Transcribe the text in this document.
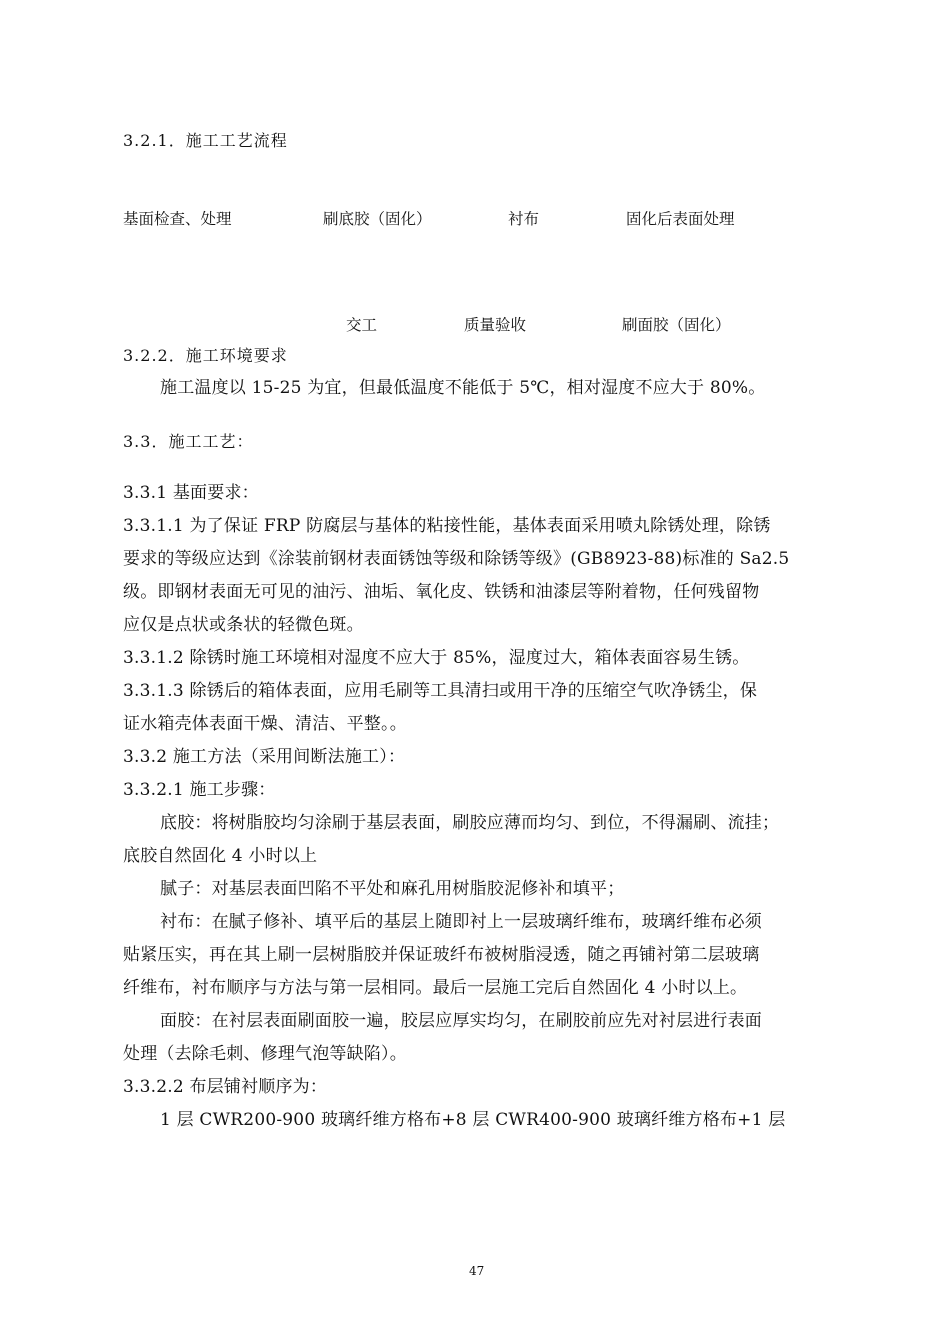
3.2.1．施工工艺流程
基面检查、处理	刷底胶（固化）	衬布	固化后表面处理
交工	质量验收	刷面胶（固化）
3.2.2．施工环境要求
施工温度以 15-25 为宜，但最低温度不能低于 5℃，相对湿度不应大于 80%。
3.3．施工工艺：
3.3.1 基面要求：
3.3.1.1 为了保证 FRP 防腐层与基体的粘接性能，基体表面采用喷丸除锈处理，除锈
要求的等级应达到《涂装前钢材表面锈蚀等级和除锈等级》(GB8923-88)标准的 Sa2.5
级。即钢材表面无可见的油污、油垢、氧化皮、铁锈和油漆层等附着物，任何残留物
应仅是点状或条状的轻微色斑。
3.3.1.2 除锈时施工环境相对湿度不应大于 85%，湿度过大，箱体表面容易生锈。
3.3.1.3 除锈后的箱体表面，应用毛刷等工具清扫或用干净的压缩空气吹净锈尘，保
证水箱壳体表面干燥、清洁、平整。。
3.3.2 施工方法（采用间断法施工）：
3.3.2.1 施工步骤：
底胶：将树脂胶均匀涂刷于基层表面，刷胶应薄而均匀、到位，不得漏刷、流挂；
底胶自然固化 4 小时以上
腻子：对基层表面凹陷不平处和麻孔用树脂胶泥修补和填平；
衬布：在腻子修补、填平后的基层上随即衬上一层玻璃纤维布，玻璃纤维布必须
贴紧压实，再在其上刷一层树脂胶并保证玻纤布被树脂浸透，随之再铺衬第二层玻璃
纤维布，衬布顺序与方法与第一层相同。最后一层施工完后自然固化 4 小时以上。
面胶：在衬层表面刷面胶一遍，胶层应厚实均匀，在刷胶前应先对衬层进行表面
处理（去除毛刺、修理气泡等缺陷）。
3.3.2.2 布层铺衬顺序为：
1 层 CWR200-900 玻璃纤维方格布+8 层 CWR400-900 玻璃纤维方格布+1 层
47
